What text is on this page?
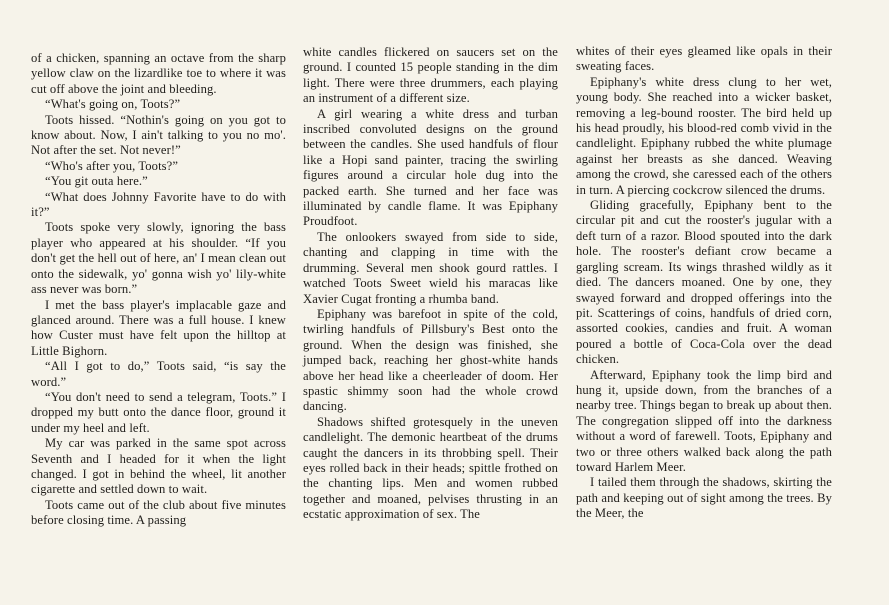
of a chicken, spanning an octave from the sharp yellow claw on the lizardlike toe to where it was cut off above the joint and bleeding.

“What's going on, Toots?”

Toots hissed. “Nothin's going on you got to know about. Now, I ain't talking to you no mo'. Not after the set. Not never!”

“Who's after you, Toots?”

“You git outa here.”

“What does Johnny Favorite have to do with it?”

Toots spoke very slowly, ignoring the bass player who appeared at his shoulder. “If you don't get the hell out of here, an' I mean clean out onto the sidewalk, yo' gonna wish yo' lily-white ass never was born.”

I met the bass player's implacable gaze and glanced around. There was a full house. I knew how Custer must have felt upon the hilltop at Little Bighorn.

“All I got to do,” Toots said, “is say the word.”

“You don't need to send a telegram, Toots.” I dropped my butt onto the dance floor, ground it under my heel and left.

My car was parked in the same spot across Seventh and I headed for it when the light changed. I got in behind the wheel, lit another cigarette and settled down to wait.

Toots came out of the club about five minutes before closing time. A passing

white candles flickered on saucers set on the ground. I counted 15 people standing in the dim light. There were three drummers, each playing an instrument of a different size.

A girl wearing a white dress and turban inscribed convoluted designs on the ground between the candles. She used handfuls of flour like a Hopi sand painter, tracing the swirling figures around a circular hole dug into the packed earth. She turned and her face was illuminated by candle flame. It was Epiphany Proudfoot.

The onlookers swayed from side to side, chanting and clapping in time with the drumming. Several men shook gourd rattles. I watched Toots Sweet wield his maracas like Xavier Cugat fronting a rhumba band.

Epiphany was barefoot in spite of the cold, twirling handfuls of Pillsbury's Best onto the ground. When the design was finished, she jumped back, reaching her ghost-white hands above her head like a cheerleader of doom. Her spastic shimmy soon had the whole crowd dancing.

Shadows shifted grotesquely in the uneven candlelight. The demonic heartbeat of the drums caught the dancers in its throbbing spell. Their eyes rolled back in their heads; spittle frothed on the chanting lips. Men and women rubbed together and moaned, pelvises thrusting in an ecstatic approximation of sex. The

whites of their eyes gleamed like opals in their sweating faces.

Epiphany's white dress clung to her wet, young body. She reached into a wicker basket, removing a leg-bound rooster. The bird held up his head proudly, his blood-red comb vivid in the candlelight. Epiphany rubbed the white plumage against her breasts as she danced. Weaving among the crowd, she caressed each of the others in turn. A piercing cockcrow silenced the drums.

Gliding gracefully, Epiphany bent to the circular pit and cut the rooster's jugular with a deft turn of a razor. Blood spouted into the dark hole. The rooster's defiant crow became a gargling scream. Its wings thrashed wildly as it died. The dancers moaned. One by one, they swayed forward and dropped offerings into the pit. Scatterings of coins, handfuls of dried corn, assorted cookies, candies and fruit. A woman poured a bottle of Coca-Cola over the dead chicken.

Afterward, Epiphany took the limp bird and hung it, upside down, from the branches of a nearby tree. Things began to break up about then. The congregation slipped off into the darkness without a word of farewell. Toots, Epiphany and two or three others walked back along the path toward Harlem Meer.

I tailed them through the shadows, skirting the path and keeping out of sight among the trees. By the Meer, the
